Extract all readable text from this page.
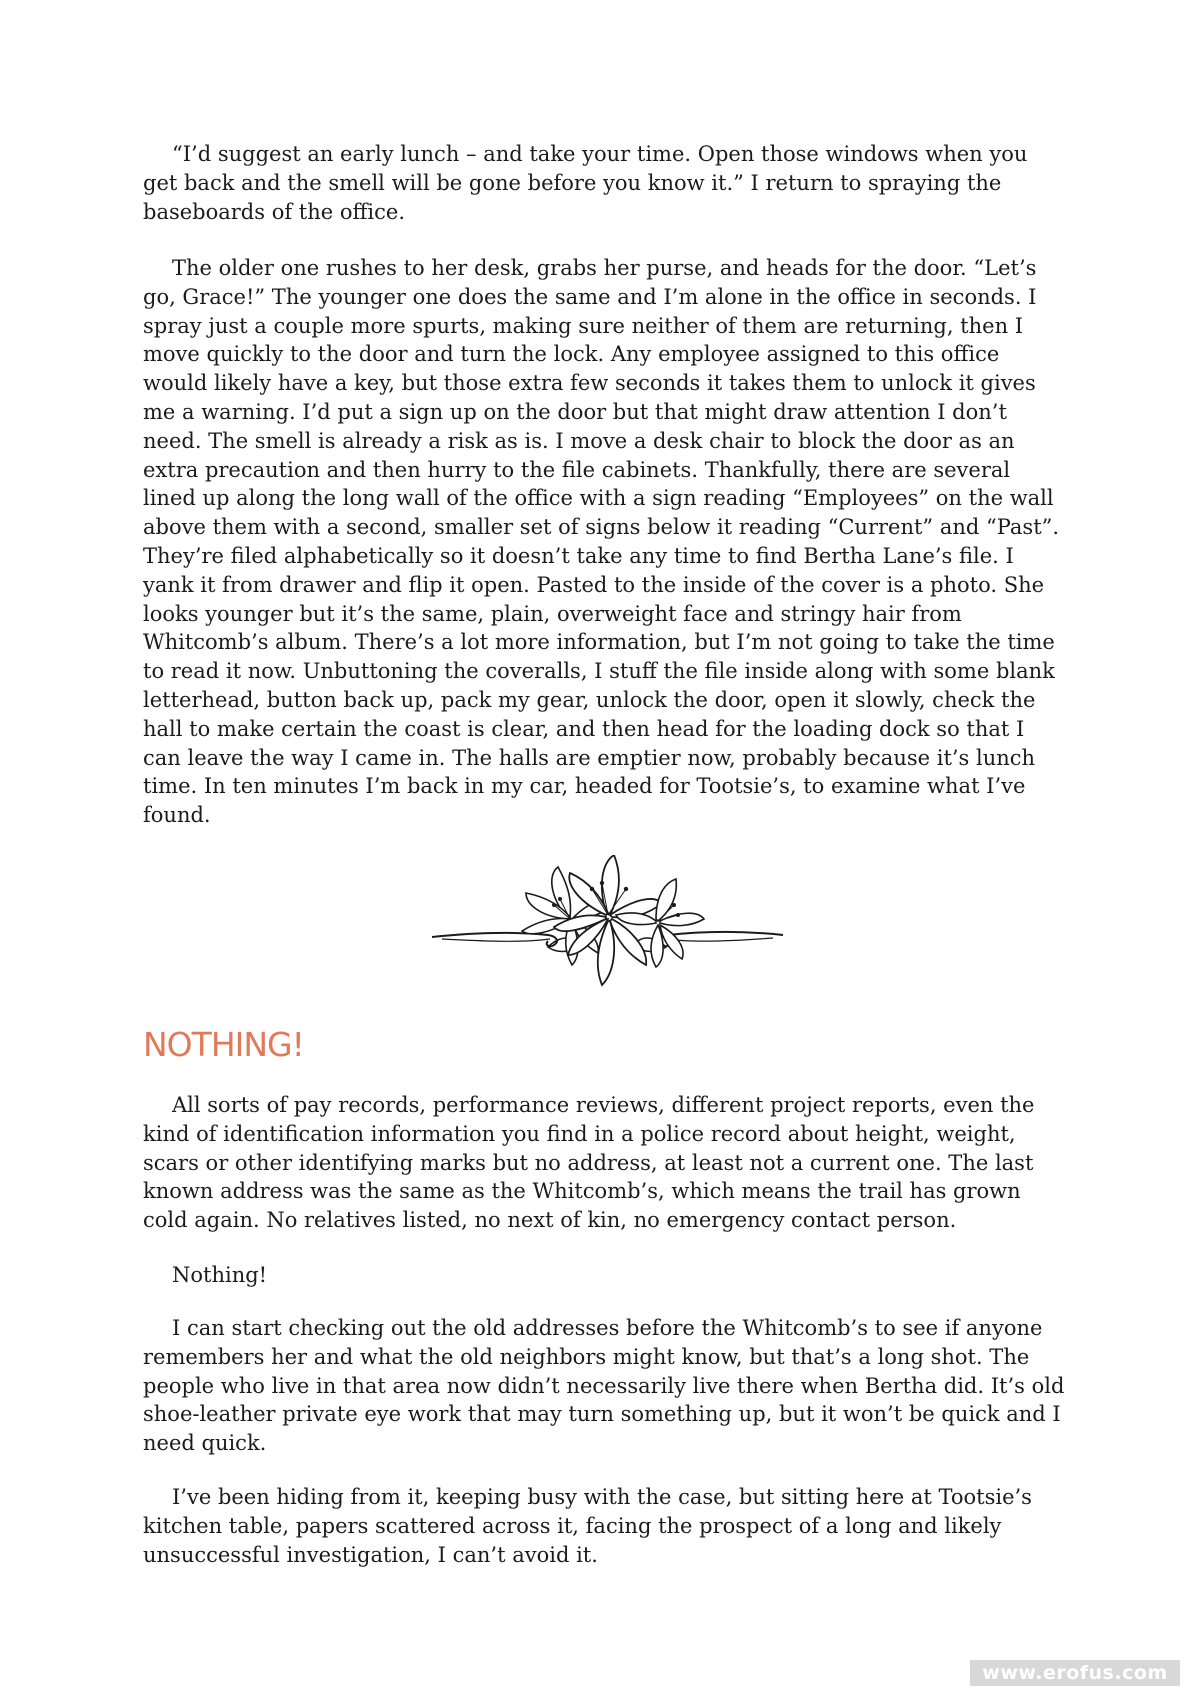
“I’d suggest an early lunch – and take your time. Open those windows when you get back and the smell will be gone before you know it.” I return to spraying the baseboards of the office.

The older one rushes to her desk, grabs her purse, and heads for the door. “Let’s go, Grace!” The younger one does the same and I’m alone in the office in seconds. I spray just a couple more spurts, making sure neither of them are returning, then I move quickly to the door and turn the lock. Any employee assigned to this office would likely have a key, but those extra few seconds it takes them to unlock it gives me a warning. I’d put a sign up on the door but that might draw attention I don’t need. The smell is already a risk as is. I move a desk chair to block the door as an extra precaution and then hurry to the file cabinets. Thankfully, there are several lined up along the long wall of the office with a sign reading “Employees” on the wall above them with a second, smaller set of signs below it reading “Current” and “Past”. They’re filed alphabetically so it doesn’t take any time to find Bertha Lane’s file. I yank it from drawer and flip it open. Pasted to the inside of the cover is a photo. She looks younger but it’s the same, plain, overweight face and stringy hair from Whitcomb’s album. There’s a lot more information, but I’m not going to take the time to read it now. Unbuttoning the coveralls, I stuff the file inside along with some blank letterhead, button back up, pack my gear, unlock the door, open it slowly, check the hall to make certain the coast is clear, and then head for the loading dock so that I can leave the way I came in. The halls are emptier now, probably because it’s lunch time. In ten minutes I’m back in my car, headed for Tootsie’s, to examine what I’ve found.

NOTHING!

All sorts of pay records, performance reviews, different project reports, even the kind of identification information you find in a police record about height, weight, scars or other identifying marks but no address, at least not a current one. The last known address was the same as the Whitcomb’s, which means the trail has grown cold again. No relatives listed, no next of kin, no emergency contact person.

Nothing!

I can start checking out the old addresses before the Whitcomb’s to see if anyone remembers her and what the old neighbors might know, but that’s a long shot. The people who live in that area now didn’t necessarily live there when Bertha did. It’s old shoe-leather private eye work that may turn something up, but it won’t be quick and I need quick.

I’ve been hiding from it, keeping busy with the case, but sitting here at Tootsie’s kitchen table, papers scattered across it, facing the prospect of a long and likely unsuccessful investigation, I can’t avoid it.

www.erofus.com
